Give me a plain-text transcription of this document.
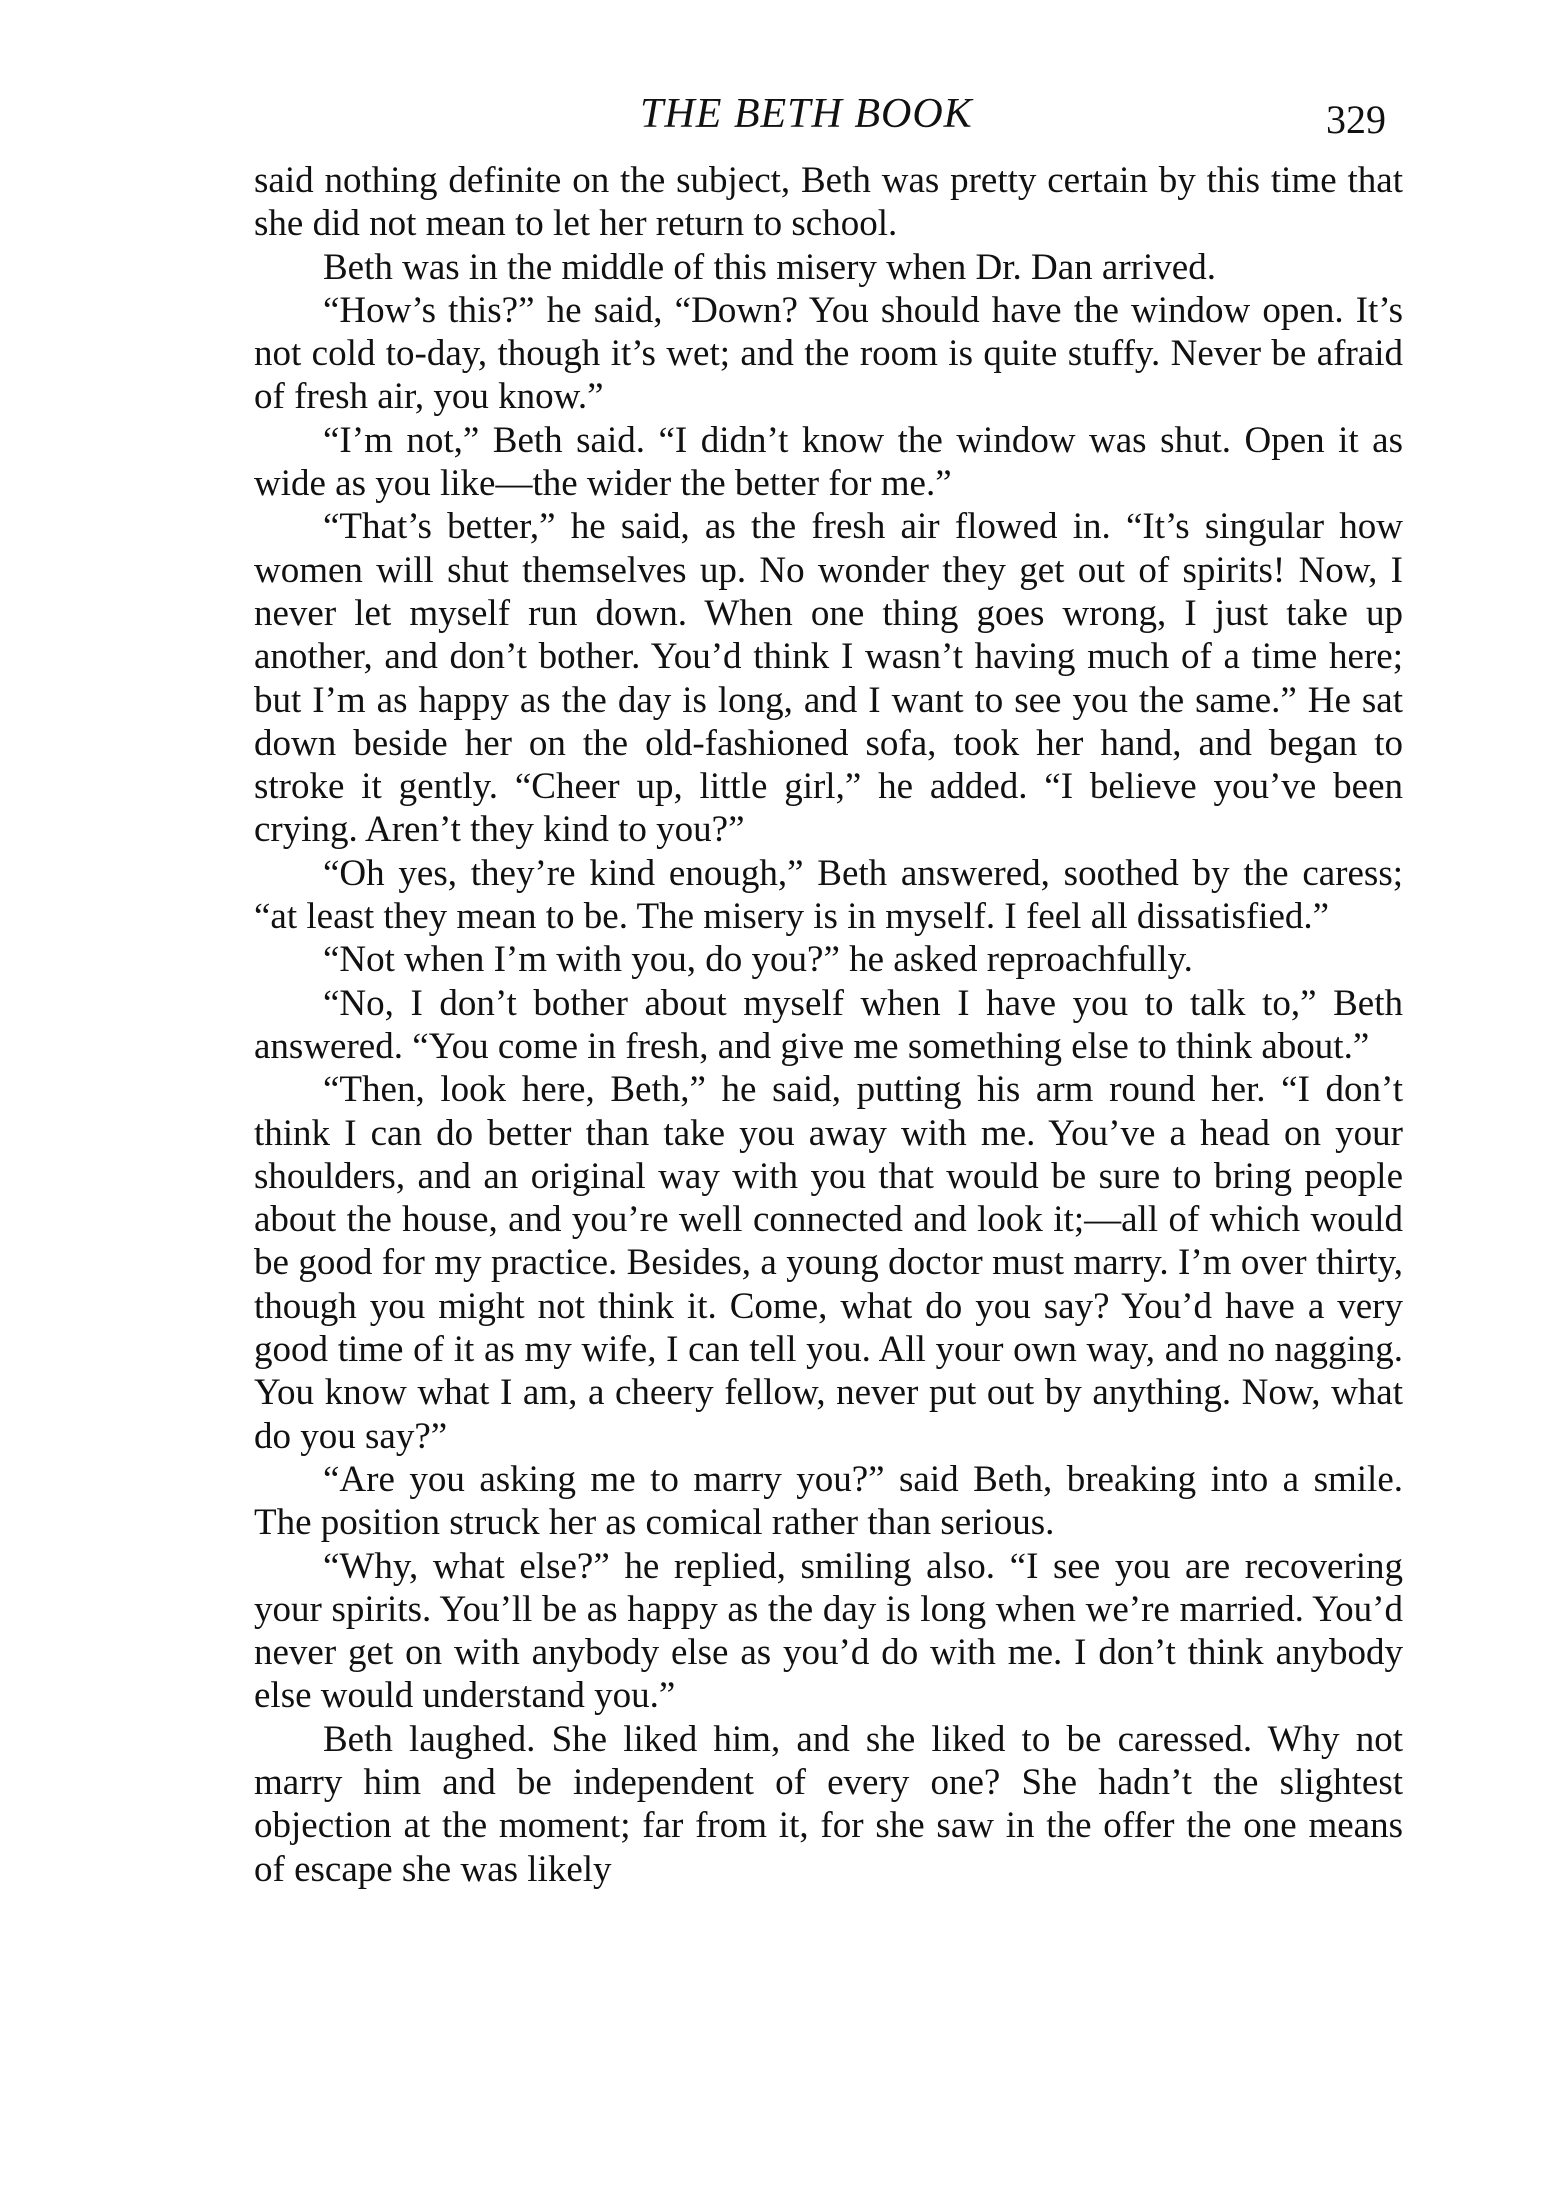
THE BETH BOOK	329

said nothing definite on the subject, Beth was pretty certain by this time that she did not mean to let her return to school.

Beth was in the middle of this misery when Dr. Dan arrived.

“How’s this?” he said, “Down? You should have the window open. It’s not cold to-day, though it’s wet; and the room is quite stuffy. Never be afraid of fresh air, you know.”

“I’m not,” Beth said. “I didn’t know the window was shut. Open it as wide as you like—the wider the better for me.”

“That’s better,” he said, as the fresh air flowed in. “It’s singular how women will shut themselves up. No wonder they get out of spirits! Now, I never let myself run down. When one thing goes wrong, I just take up another, and don’t bother. You’d think I wasn’t having much of a time here; but I’m as happy as the day is long, and I want to see you the same.” He sat down beside her on the old-fashioned sofa, took her hand, and began to stroke it gently. “Cheer up, little girl,” he added. “I believe you’ve been crying. Aren’t they kind to you?”

“Oh yes, they’re kind enough,” Beth answered, soothed by the caress; “at least they mean to be. The misery is in myself. I feel all dissatisfied.”

“Not when I’m with you, do you?” he asked reproachfully.

“No, I don’t bother about myself when I have you to talk to,” Beth answered. “You come in fresh, and give me something else to think about.”

“Then, look here, Beth,” he said, putting his arm round her. “I don’t think I can do better than take you away with me. You’ve a head on your shoulders, and an original way with you that would be sure to bring people about the house, and you’re well connected and look it;—all of which would be good for my practice. Besides, a young doctor must marry. I’m over thirty, though you might not think it. Come, what do you say? You’d have a very good time of it as my wife, I can tell you. All your own way, and no nagging. You know what I am, a cheery fellow, never put out by anything. Now, what do you say?”

“Are you asking me to marry you?” said Beth, breaking into a smile. The position struck her as comical rather than serious.

“Why, what else?” he replied, smiling also. “I see you are recovering your spirits. You’ll be as happy as the day is long when we’re married. You’d never get on with anybody else as you’d do with me. I don’t think anybody else would understand you.”

Beth laughed. She liked him, and she liked to be caressed. Why not marry him and be independent of every one? She hadn’t the slightest objection at the moment; far from it, for she saw in the offer the one means of escape she was likely
